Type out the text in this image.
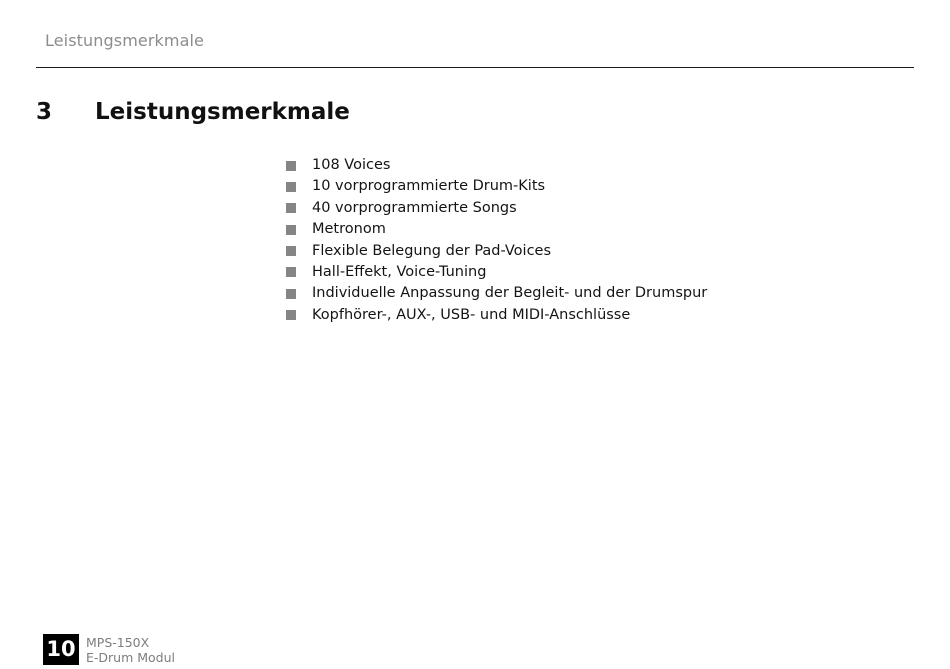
Leistungsmerkmale
3 Leistungsmerkmale
108 Voices
10 vorprogrammierte Drum-Kits
40 vorprogrammierte Songs
Metronom
Flexible Belegung der Pad-Voices
Hall-Effekt, Voice-Tuning
Individuelle Anpassung der Begleit- und der Drumspur
Kopfhörer-, AUX-, USB- und MIDI-Anschlüsse
10 MPS-150X
E-Drum Modul
